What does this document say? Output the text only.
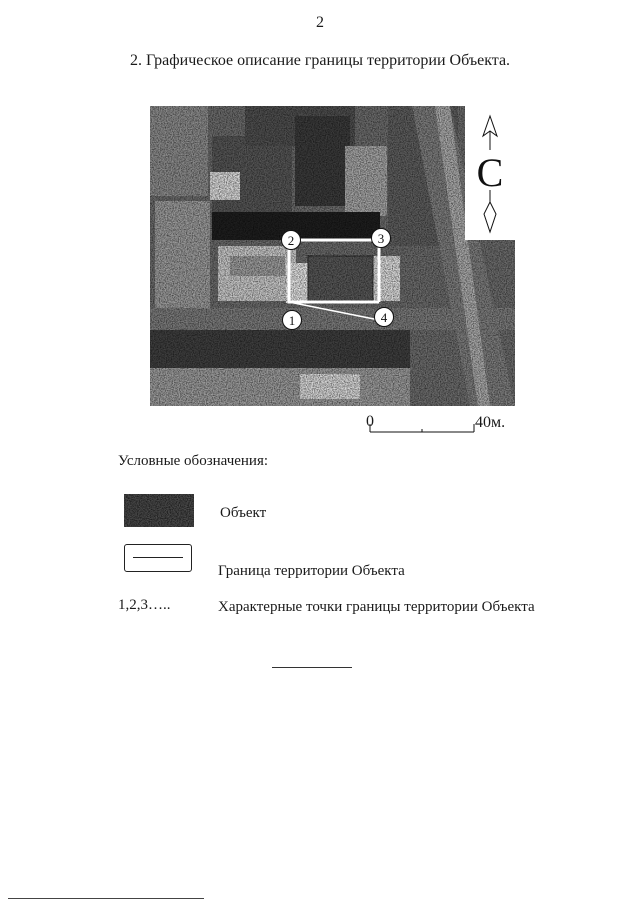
2
2. Графическое описание границы территории Объекта.
С
1
2	3
4
0	40м.
Условные обозначения:
Объект
Граница территории Объекта
1,2,3…..	Характерные точки границы территории Объекта
